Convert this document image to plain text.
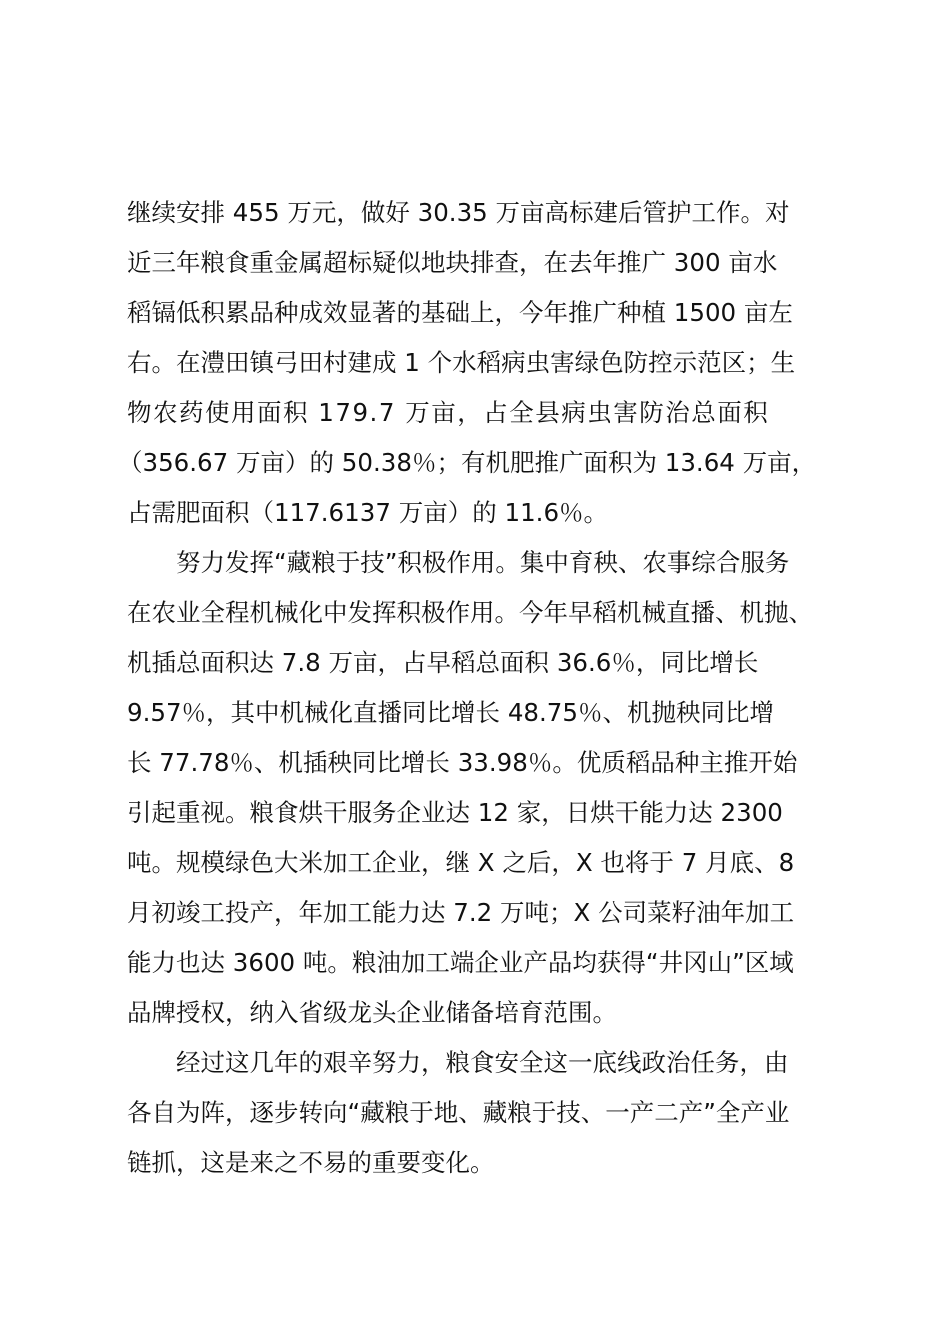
继续安排 455 万元，做好 30.35 万亩高标建后管护工作。对
近三年粮食重金属超标疑似地块排查，在去年推广 300 亩水
稻镉低积累品种成效显著的基础上，今年推广种植 1500 亩左
右。在澧田镇弓田村建成 1 个水稻病虫害绿色防控示范区；生
物农药使用面积 179.7 万亩，占全县病虫害防治总面积
（356.67 万亩）的 50.38％；有机肥推广面积为 13.64 万亩，
占需肥面积（117.6137 万亩）的 11.6％。
　　努力发挥“藏粮于技”积极作用。集中育秧、农事综合服务
在农业全程机械化中发挥积极作用。今年早稻机械直播、机抛、
机插总面积达 7.8 万亩，占早稻总面积 36.6％，同比增长
9.57％，其中机械化直播同比增长 48.75％、机抛秧同比增
长 77.78％、机插秧同比增长 33.98％。优质稻品种主推开始
引起重视。粮食烘干服务企业达 12 家，日烘干能力达 2300
吨。规模绿色大米加工企业，继 X 之后，X 也将于 7 月底、8
月初竣工投产，年加工能力达 7.2 万吨；X 公司菜籽油年加工
能力也达 3600 吨。粮油加工端企业产品均获得“井冈山”区域
品牌授权，纳入省级龙头企业储备培育范围。
　　经过这几年的艰辛努力，粮食安全这一底线政治任务，由
各自为阵，逐步转向“藏粮于地、藏粮于技、一产二产”全产业
链抓，这是来之不易的重要变化。
